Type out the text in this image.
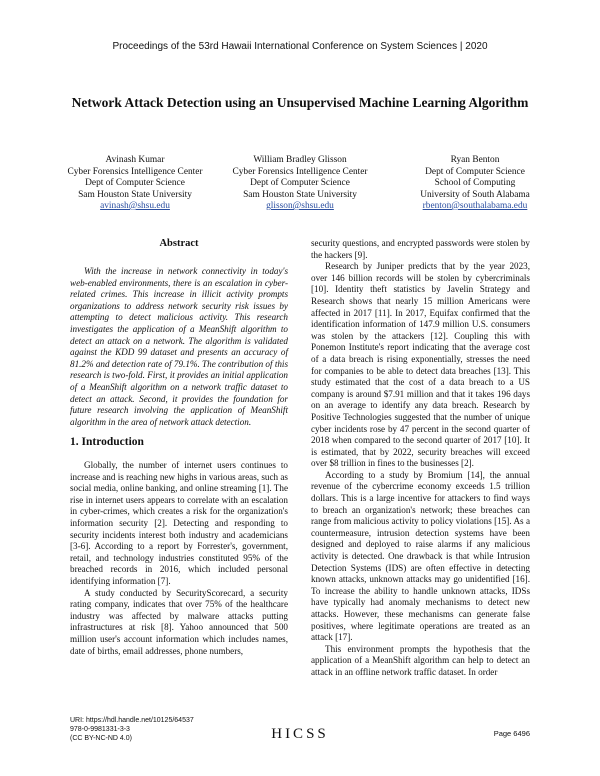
Proceedings of the 53rd Hawaii International Conference on System Sciences | 2020
Network Attack Detection using an Unsupervised Machine Learning Algorithm
Avinash Kumar
Cyber Forensics Intelligence Center
Dept of Computer Science
Sam Houston State University
avinash@shsu.edu
William Bradley Glisson
Cyber Forensics Intelligence Center
Dept of Computer Science
Sam Houston State University
glisson@shsu.edu
Ryan Benton
Dept of Computer Science
School of Computing
University of South Alabama
rbenton@southalabama.edu
Abstract

With the increase in network connectivity in today's web-enabled environments, there is an escalation in cyber-related crimes. This increase in illicit activity prompts organizations to address network security risk issues by attempting to detect malicious activity. This research investigates the application of a MeanShift algorithm to detect an attack on a network. The algorithm is validated against the KDD 99 dataset and presents an accuracy of 81.2% and detection rate of 79.1%. The contribution of this research is two-fold. First, it provides an initial application of a MeanShift algorithm on a network traffic dataset to detect an attack. Second, it provides the foundation for future research involving the application of MeanShift algorithm in the area of network attack detection.

1. Introduction

Globally, the number of internet users continues to increase and is reaching new highs in various areas, such as social media, online banking, and online streaming [1]. The rise in internet users appears to correlate with an escalation in cyber-crimes, which creates a risk for the organization's information security [2]. Detecting and responding to security incidents interest both industry and academicians [3-6]. According to a report by Forrester's, government, retail, and technology industries constituted 95% of the breached records in 2016, which included personal identifying information [7].

A study conducted by SecurityScorecard, a security rating company, indicates that over 75% of the healthcare industry was affected by malware attacks putting infrastructures at risk [8]. Yahoo announced that 500 million user's account information which includes names, date of births, email addresses, phone numbers,

security questions, and encrypted passwords were stolen by the hackers [9].

Research by Juniper predicts that by the year 2023, over 146 billion records will be stolen by cybercriminals [10]. Identity theft statistics by Javelin Strategy and Research shows that nearly 15 million Americans were affected in 2017 [11]. In 2017, Equifax confirmed that the identification information of 147.9 million U.S. consumers was stolen by the attackers [12]. Coupling this with Ponemon Institute's report indicating that the average cost of a data breach is rising exponentially, stresses the need for companies to be able to detect data breaches [13]. This study estimated that the cost of a data breach to a US company is around $7.91 million and that it takes 196 days on an average to identify any data breach. Research by Positive Technologies suggested that the number of unique cyber incidents rose by 47 percent in the second quarter of 2018 when compared to the second quarter of 2017 [10]. It is estimated, that by 2022, security breaches will exceed over $8 trillion in fines to the businesses [2].

According to a study by Bromium [14], the annual revenue of the cybercrime economy exceeds 1.5 trillion dollars. This is a large incentive for attackers to find ways to breach an organization's network; these breaches can range from malicious activity to policy violations [15]. As a countermeasure, intrusion detection systems have been designed and deployed to raise alarms if any malicious activity is detected. One drawback is that while Intrusion Detection Systems (IDS) are often effective in detecting known attacks, unknown attacks may go unidentified [16]. To increase the ability to handle unknown attacks, IDSs have typically had anomaly mechanisms to detect new attacks. However, these mechanisms can generate false positives, where legitimate operations are treated as an attack [17].

This environment prompts the hypothesis that the application of a MeanShift algorithm can help to detect an attack in an offline network traffic dataset. In order

URI: https://hdl.handle.net/10125/64537
978-0-9981331-3-3
(CC BY-NC-ND 4.0)	HICSS	Page 6496
